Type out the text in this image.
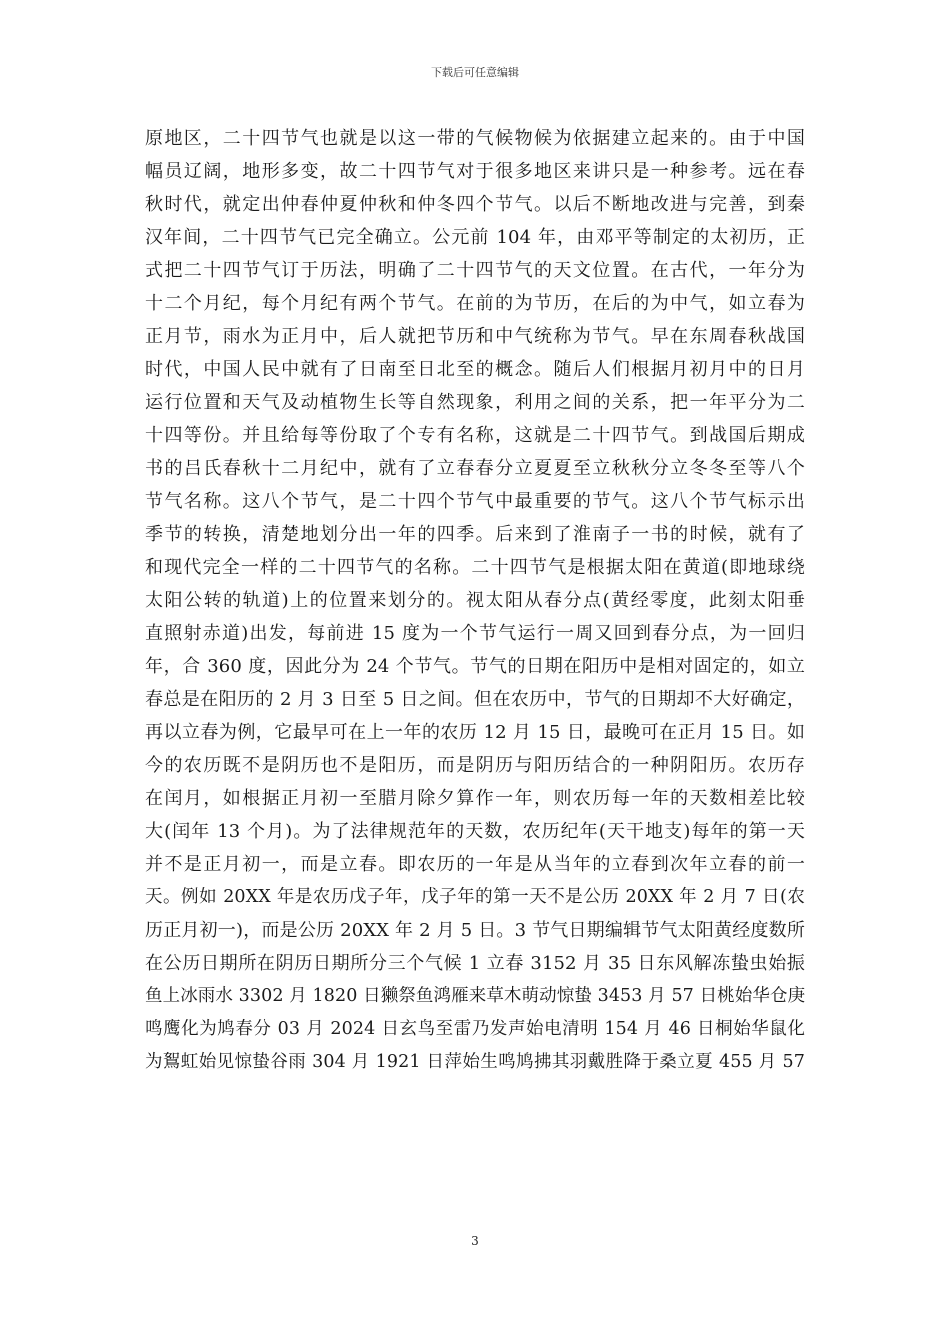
下载后可任意编辑
原地区，二十四节气也就是以这一带的气候物候为依据建立起来的。由于中国
幅员辽阔，地形多变，故二十四节气对于很多地区来讲只是一种参考。远在春
秋时代，就定出仲春仲夏仲秋和仲冬四个节气。以后不断地改进与完善，到秦
汉年间，二十四节气已完全确立。公元前 104 年，由邓平等制定的太初历，正
式把二十四节气订于历法，明确了二十四节气的天文位置。在古代，一年分为
十二个月纪，每个月纪有两个节气。在前的为节历，在后的为中气，如立春为
正月节，雨水为正月中，后人就把节历和中气统称为节气。早在东周春秋战国
时代，中国人民中就有了日南至日北至的概念。随后人们根据月初月中的日月
运行位置和天气及动植物生长等自然现象，利用之间的关系，把一年平分为二
十四等份。并且给每等份取了个专有名称，这就是二十四节气。到战国后期成
书的吕氏春秋十二月纪中，就有了立春春分立夏夏至立秋秋分立冬冬至等八个
节气名称。这八个节气，是二十四个节气中最重要的节气。这八个节气标示出
季节的转换，清楚地划分出一年的四季。后来到了淮南子一书的时候，就有了
和现代完全一样的二十四节气的名称。二十四节气是根据太阳在黄道(即地球绕
太阳公转的轨道)上的位置来划分的。视太阳从春分点(黄经零度，此刻太阳垂
直照射赤道)出发，每前进 15 度为一个节气运行一周又回到春分点，为一回归
年，合 360 度，因此分为 24 个节气。节气的日期在阳历中是相对固定的，如立
春总是在阳历的 2 月 3 日至 5 日之间。但在农历中，节气的日期却不大好确定，
再以立春为例，它最早可在上一年的农历 12 月 15 日，最晚可在正月 15 日。如
今的农历既不是阴历也不是阳历，而是阴历与阳历结合的一种阴阳历。农历存
在闰月，如根据正月初一至腊月除夕算作一年，则农历每一年的天数相差比较
大(闰年 13 个月)。为了法律规范年的天数，农历纪年(天干地支)每年的第一天
并不是正月初一，而是立春。即农历的一年是从当年的立春到次年立春的前一
天。例如 20XX 年是农历戊子年，戊子年的第一天不是公历 20XX 年 2 月 7 日(农
历正月初一)，而是公历 20XX 年 2 月 5 日。3 节气日期编辑节气太阳黄经度数所
在公历日期所在阴历日期所分三个气候 1 立春 3152 月 35 日东风解冻蛰虫始振
鱼上冰雨水 3302 月 1820 日獭祭鱼鸿雁来草木萌动惊蛰 3453 月 57 日桃始华仓庚
鸣鹰化为鸠春分 03 月 2024 日玄鸟至雷乃发声始电清明 154 月 46 日桐始华鼠化
为鴽虹始见惊蛰谷雨 304 月 1921 日萍始生鸣鸠拂其羽戴胜降于桑立夏 455 月 57
3
